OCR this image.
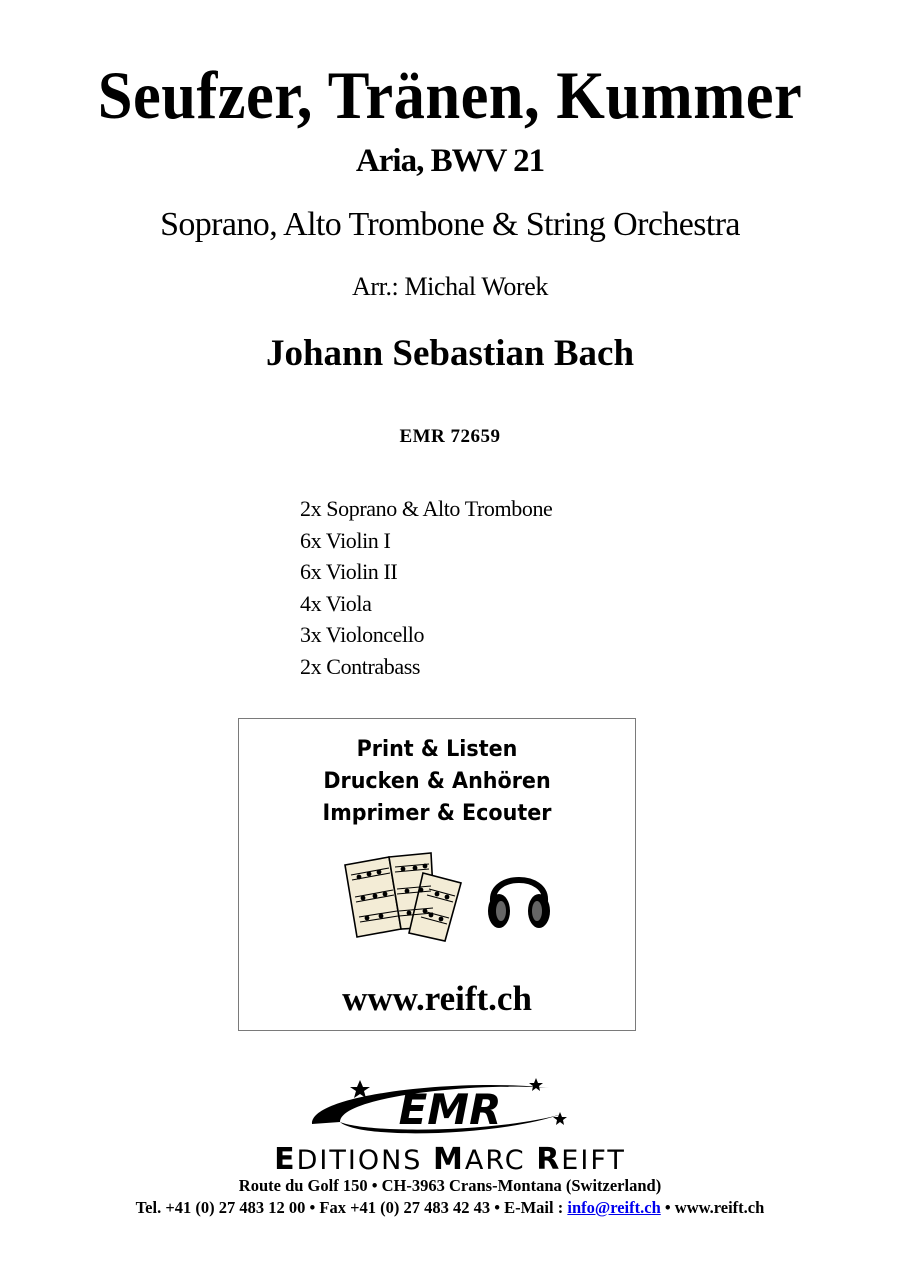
Seufzer, Tränen, Kummer
Aria, BWV 21
Soprano, Alto Trombone & String Orchestra
Arr.: Michal Worek
Johann Sebastian Bach
EMR 72659
2x Soprano & Alto Trombone
6x Violin I
6x Violin II
4x Viola
3x Violoncello
2x Contrabass
Print & Listen
Drucken & Anhören
Imprimer & Ecouter
www.reift.ch
EMR
EDITIONS MARC REIFT
Route du Golf 150 • CH-3963 Crans-Montana (Switzerland)
Tel. +41 (0) 27 483 12 00 • Fax +41 (0) 27 483 42 43 • E-Mail : info@reift.ch • www.reift.ch
